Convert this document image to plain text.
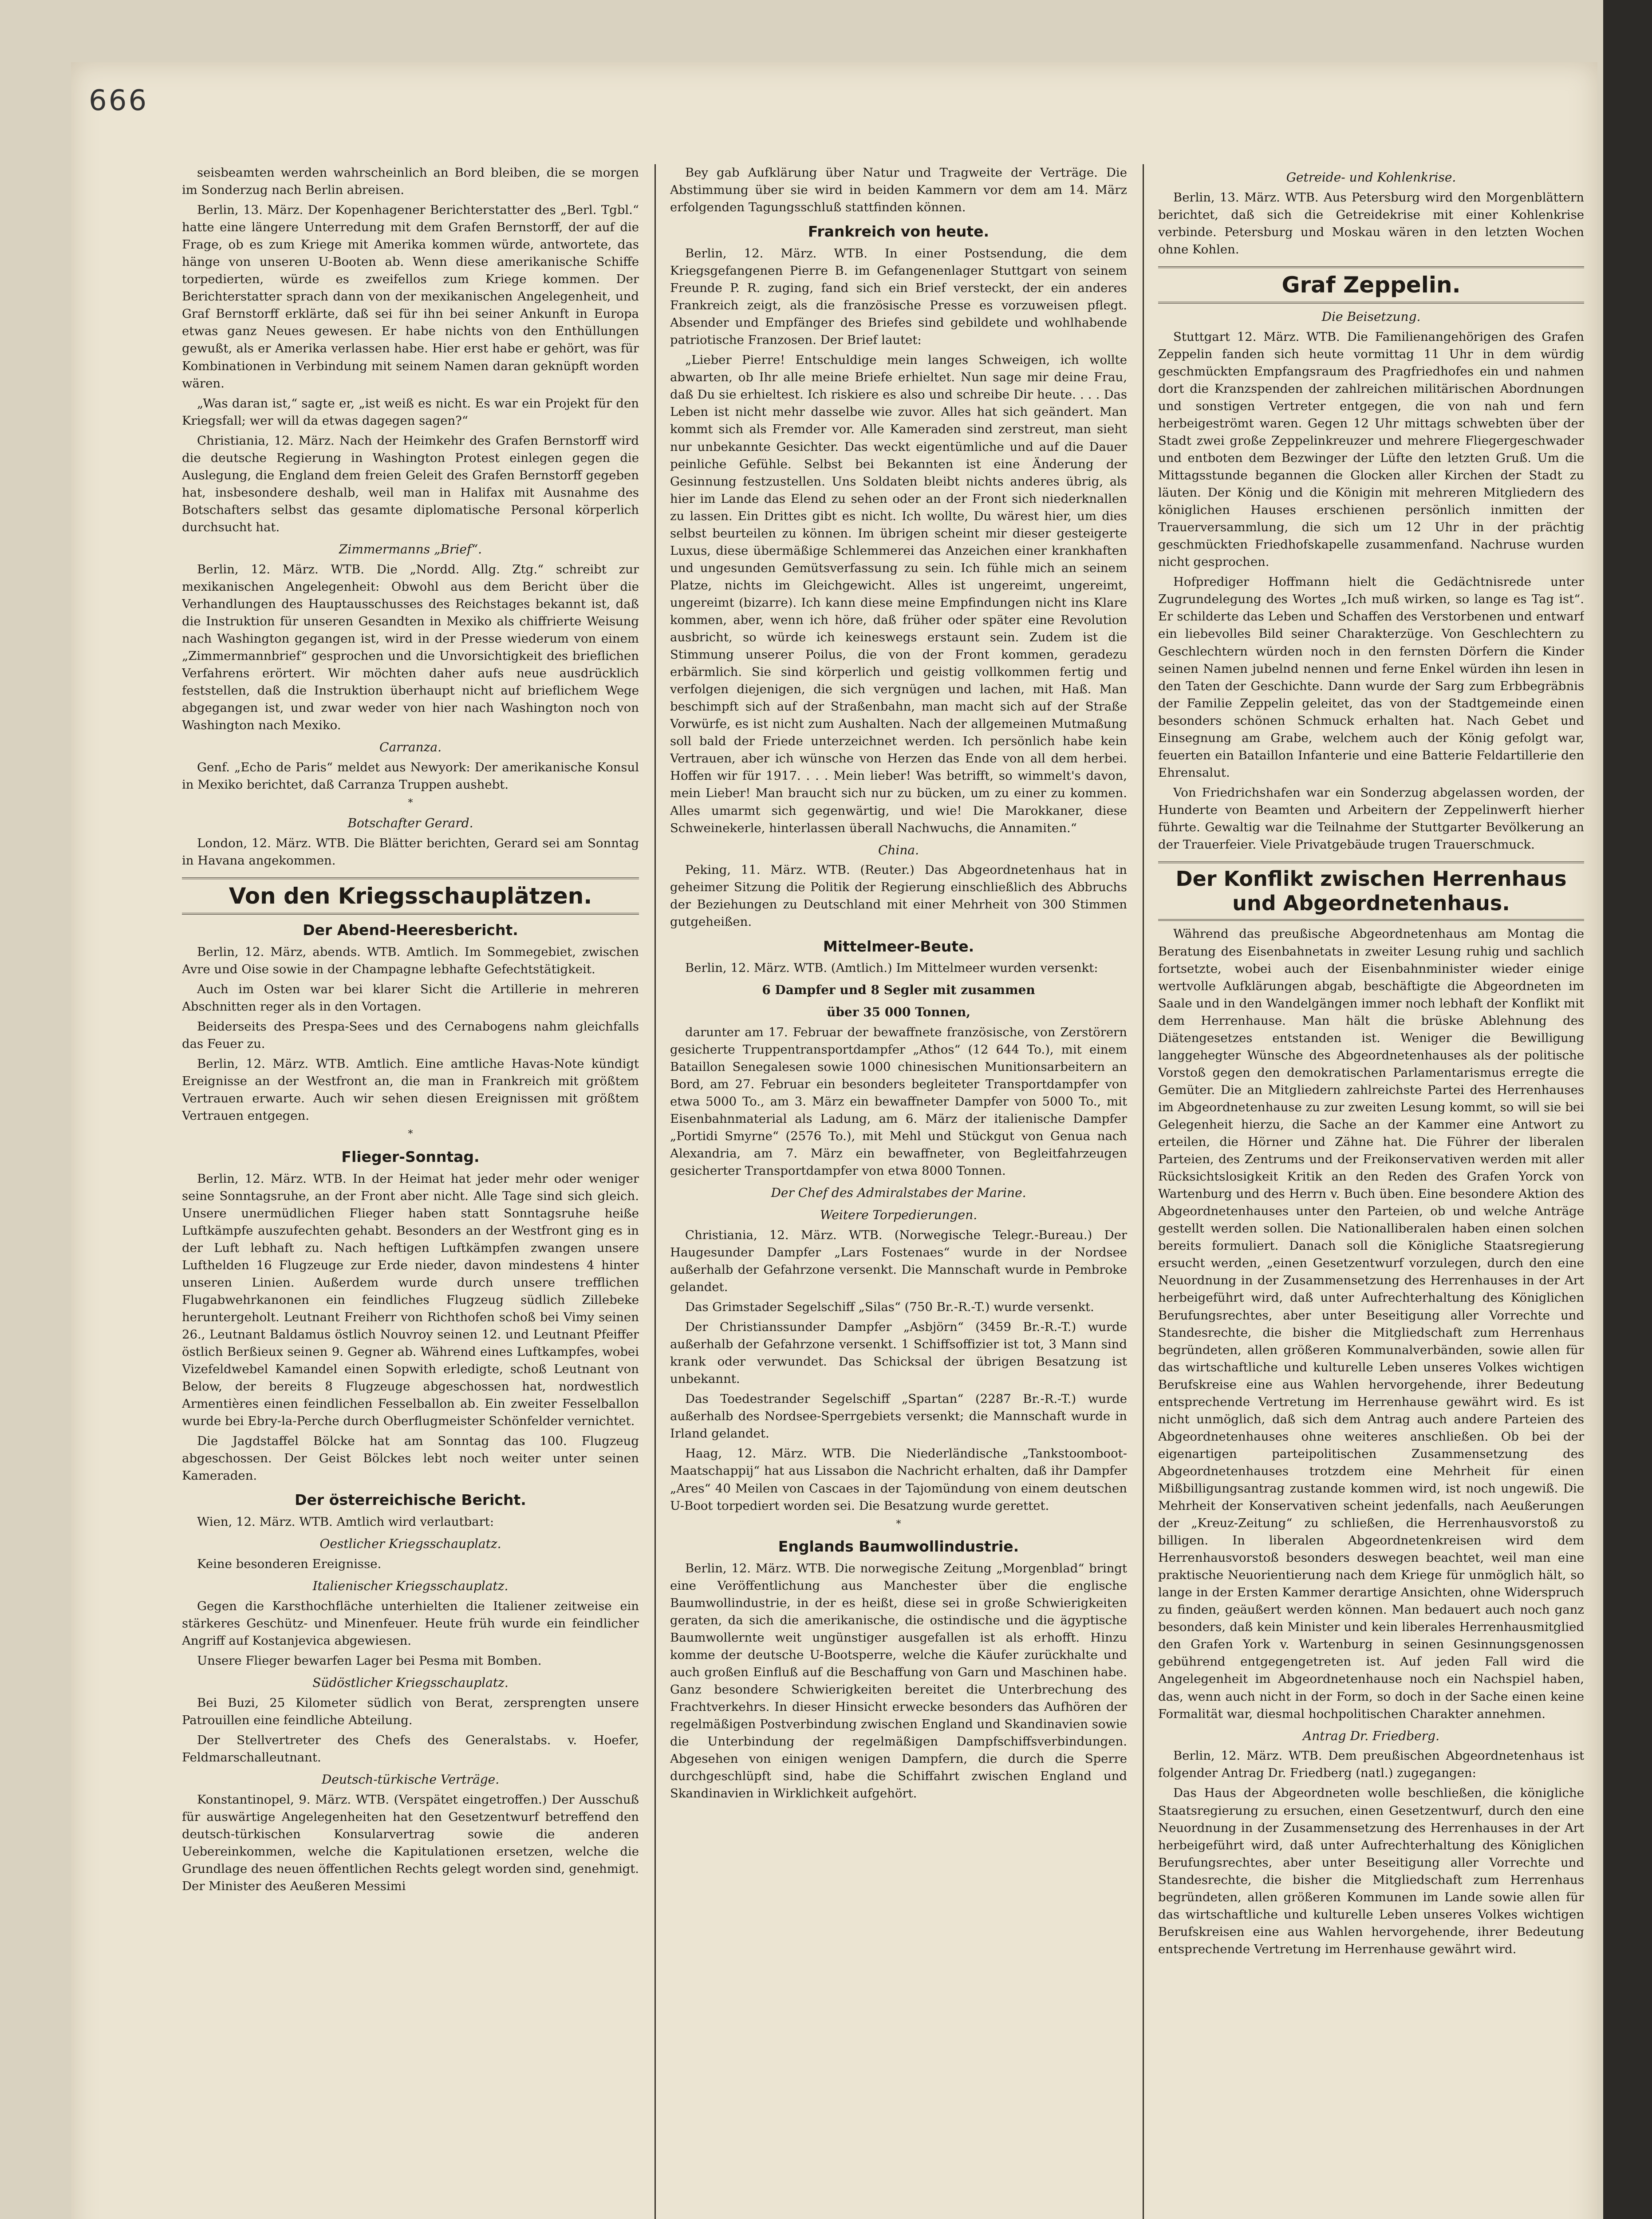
666

seisbeamten werden wahrscheinlich an Bord bleiben, die se morgen im Sonderzug nach Berlin abreisen.

Berlin, 13. März. Der Kopenhagener Berichterstatter des „Berl. Tgbl.“ hatte eine längere Unterredung mit dem Grafen Bernstorff, der auf die Frage, ob es zum Kriege mit Amerika kommen würde, antwortete, das hänge von unseren U-Booten ab. Wenn diese amerikanische Schiffe torpedierten, würde es zweifellos zum Kriege kommen. Der Berichterstatter sprach dann von der mexikanischen Angelegenheit, und Graf Bernstorff erklärte, daß sei für ihn bei seiner Ankunft in Europa etwas ganz Neues gewesen. Er habe nichts von den Enthüllungen gewußt, als er Amerika verlassen habe. Hier erst habe er gehört, was für Kombinationen in Verbindung mit seinem Namen daran geknüpft worden wären.

„Was daran ist,“ sagte er, „ist weiß es nicht. Es war ein Projekt für den Kriegsfall; wer will da etwas dagegen sagen?“

Christiania, 12. März. Nach der Heimkehr des Grafen Bernstorff wird die deutsche Regierung in Washington Protest einlegen gegen die Auslegung, die England dem freien Geleit des Grafen Bernstorff gegeben hat, insbesondere deshalb, weil man in Halifax mit Ausnahme des Botschafters selbst das gesamte diplomatische Personal körperlich durchsucht hat.

Zimmermanns „Brief“.

Berlin, 12. März. WTB. Die „Nordd. Allg. Ztg.“ schreibt zur mexikanischen Angelegenheit: Obwohl aus dem Bericht über die Verhandlungen des Hauptausschusses des Reichstages bekannt ist, daß die Instruktion für unseren Gesandten in Mexiko als chiffrierte Weisung nach Washington gegangen ist, wird in der Presse wiederum von einem „Zimmermannbrief“ gesprochen und die Unvorsichtigkeit des brieflichen Verfahrens erörtert. Wir möchten daher aufs neue ausdrücklich feststellen, daß die Instruktion überhaupt nicht auf brieflichem Wege abgegangen ist, und zwar weder von hier nach Washington noch von Washington nach Mexiko.

Carranza.

Genf. „Echo de Paris“ meldet aus Newyork: Der amerikanische Konsul in Mexiko berichtet, daß Carranza Truppen aushebt.

*
Botschafter Gerard.

London, 12. März. WTB. Die Blätter berichten, Gerard sei am Sonntag in Havana angekommen.

Von den Kriegsschauplätzen.
Der Abend-Heeresbericht.

Berlin, 12. März, abends. WTB. Amtlich. Im Sommegebiet, zwischen Avre und Oise sowie in der Champagne lebhafte Gefechtstätigkeit.

Auch im Osten war bei klarer Sicht die Artillerie in mehreren Abschnitten reger als in den Vortagen.

Beiderseits des Prespa-Sees und des Cernabogens nahm gleichfalls das Feuer zu.

Berlin, 12. März. WTB. Amtlich. Eine amtliche Havas-Note kündigt Ereignisse an der Westfront an, die man in Frankreich mit größtem Vertrauen erwarte. Auch wir sehen diesen Ereignissen mit größtem Vertrauen entgegen.

*
Flieger-Sonntag.

Berlin, 12. März. WTB. In der Heimat hat jeder mehr oder weniger seine Sonntagsruhe, an der Front aber nicht. Alle Tage sind sich gleich. Unsere unermüdlichen Flieger haben statt Sonntagsruhe heiße Luftkämpfe auszufechten gehabt. Besonders an der Westfront ging es in der Luft lebhaft zu. Nach heftigen Luftkämpfen zwangen unsere Lufthelden 16 Flugzeuge zur Erde nieder, davon mindestens 4 hinter unseren Linien. Außerdem wurde durch unsere trefflichen Flugabwehrkanonen ein feindliches Flugzeug südlich Zillebeke heruntergeholt. Leutnant Freiherr von Richthofen schoß bei Vimy seinen 26., Leutnant Baldamus östlich Nouvroy seinen 12. und Leutnant Pfeiffer östlich Berßieux seinen 9. Gegner ab. Während eines Luftkampfes, wobei Vizefeldwebel Kamandel einen Sopwith erledigte, schoß Leutnant von Below, der bereits 8 Flugzeuge abgeschossen hat, nordwestlich Armentières einen feindlichen Fesselballon ab. Ein zweiter Fesselballon wurde bei Ebry-la-Perche durch Oberflugmeister Schönfelder vernichtet.

Die Jagdstaffel Bölcke hat am Sonntag das 100. Flugzeug abgeschossen. Der Geist Bölckes lebt noch weiter unter seinen Kameraden.

Der österreichische Bericht.

Wien, 12. März. WTB. Amtlich wird verlautbart:

Oestlicher Kriegsschauplatz.

Keine besonderen Ereignisse.

Italienischer Kriegsschauplatz.

Gegen die Karsthochfläche unterhielten die Italiener zeitweise ein stärkeres Geschütz- und Minenfeuer. Heute früh wurde ein feindlicher Angriff auf Kostanjevica abgewiesen.

Unsere Flieger bewarfen Lager bei Pesma mit Bomben.

Südöstlicher Kriegsschauplatz.

Bei Buzi, 25 Kilometer südlich von Berat, zersprengten unsere Patrouillen eine feindliche Abteilung.

Der Stellvertreter des Chefs des Generalstabs. v. Hoefer, Feldmarschalleutnant.

Deutsch-türkische Verträge.

Konstantinopel, 9. März. WTB. (Verspätet eingetroffen.) Der Ausschuß für auswärtige Angelegenheiten hat den Gesetzentwurf betreffend den deutsch-türkischen Konsularvertrag sowie die anderen Uebereinkommen, welche die Kapitulationen ersetzen, welche die Grundlage des neuen öffentlichen Rechts gelegt worden sind, genehmigt. Der Minister des Aeußeren Messimi

Bey gab Aufklärung über Natur und Tragweite der Verträge. Die Abstimmung über sie wird in beiden Kammern vor dem am 14. März erfolgenden Tagungsschluß stattfinden können.

Frankreich von heute.

Berlin, 12. März. WTB. In einer Postsendung, die dem Kriegsgefangenen Pierre B. im Gefangenenlager Stuttgart von seinem Freunde P. R. zuging, fand sich ein Brief versteckt, der ein anderes Frankreich zeigt, als die französische Presse es vorzuweisen pflegt. Absender und Empfänger des Briefes sind gebildete und wohlhabende patriotische Franzosen. Der Brief lautet:

„Lieber Pierre! Entschuldige mein langes Schweigen, ich wollte abwarten, ob Ihr alle meine Briefe erhieltet. Nun sage mir deine Frau, daß Du sie erhieltest. Ich riskiere es also und schreibe Dir heute. . . . Das Leben ist nicht mehr dasselbe wie zuvor. Alles hat sich geändert. Man kommt sich als Fremder vor. Alle Kameraden sind zerstreut, man sieht nur unbekannte Gesichter. Das weckt eigentümliche und auf die Dauer peinliche Gefühle. Selbst bei Bekannten ist eine Änderung der Gesinnung festzustellen. Uns Soldaten bleibt nichts anderes übrig, als hier im Lande das Elend zu sehen oder an der Front sich niederknallen zu lassen. Ein Drittes gibt es nicht. Ich wollte, Du wärest hier, um dies selbst beurteilen zu können. Im übrigen scheint mir dieser gesteigerte Luxus, diese übermäßige Schlemmerei das Anzeichen einer krankhaften und ungesunden Gemütsverfassung zu sein. Ich fühle mich an seinem Platze, nichts im Gleichgewicht. Alles ist ungereimt, ungereimt, ungereimt (bizarre). Ich kann diese meine Empfindungen nicht ins Klare kommen, aber, wenn ich höre, daß früher oder später eine Revolution ausbricht, so würde ich keineswegs erstaunt sein. Zudem ist die Stimmung unserer Poilus, die von der Front kommen, geradezu erbärmlich. Sie sind körperlich und geistig vollkommen fertig und verfolgen diejenigen, die sich vergnügen und lachen, mit Haß. Man beschimpft sich auf der Straßenbahn, man macht sich auf der Straße Vorwürfe, es ist nicht zum Aushalten. Nach der allgemeinen Mutmaßung soll bald der Friede unterzeichnet werden. Ich persönlich habe kein Vertrauen, aber ich wünsche von Herzen das Ende von all dem herbei. Hoffen wir für 1917. . . . Mein lieber! Was betrifft, so wimmelt's davon, mein Lieber! Man braucht sich nur zu bücken, um zu einer zu kommen. Alles umarmt sich gegenwärtig, und wie! Die Marokkaner, diese Schweinekerle, hinterlassen überall Nachwuchs, die Annamiten.“

China.

Peking, 11. März. WTB. (Reuter.) Das Abgeordnetenhaus hat in geheimer Sitzung die Politik der Regierung einschließlich des Abbruchs der Beziehungen zu Deutschland mit einer Mehrheit von 300 Stimmen gutgeheißen.

Mittelmeer-Beute.

Berlin, 12. März. WTB. (Amtlich.) Im Mittelmeer wurden versenkt:

6 Dampfer und 8 Segler mit zusammen
über 35 000 Tonnen,

darunter am 17. Februar der bewaffnete französische, von Zerstörern gesicherte Truppentransportdampfer „Athos“ (12 644 To.), mit einem Bataillon Senegalesen sowie 1000 chinesischen Munitionsarbeitern an Bord, am 27. Februar ein besonders begleiteter Transportdampfer von etwa 5000 To., am 3. März ein bewaffneter Dampfer von 5000 To., mit Eisenbahnmaterial als Ladung, am 6. März der italienische Dampfer „Portidi Smyrne“ (2576 To.), mit Mehl und Stückgut von Genua nach Alexandria, am 7. März ein bewaffneter, von Begleitfahrzeugen gesicherter Transportdampfer von etwa 8000 Tonnen.

Der Chef des Admiralstabes der Marine.
Weitere Torpedierungen.

Christiania, 12. März. WTB. (Norwegische Telegr.-Bureau.) Der Haugesunder Dampfer „Lars Fostenaes“ wurde in der Nordsee außerhalb der Gefahrzone versenkt. Die Mannschaft wurde in Pembroke gelandet.

Das Grimstader Segelschiff „Silas“ (750 Br.-R.-T.) wurde versenkt.

Der Christianssunder Dampfer „Asbjörn“ (3459 Br.-R.-T.) wurde außerhalb der Gefahrzone versenkt. 1 Schiffsoffizier ist tot, 3 Mann sind krank oder verwundet. Das Schicksal der übrigen Besatzung ist unbekannt.

Das Toedestrander Segelschiff „Spartan“ (2287 Br.-R.-T.) wurde außerhalb des Nordsee-Sperrgebiets versenkt; die Mannschaft wurde in Irland gelandet.

Haag, 12. März. WTB. Die Niederländische „Tankstoomboot-Maatschappij“ hat aus Lissabon die Nachricht erhalten, daß ihr Dampfer „Ares“ 40 Meilen von Cascaes in der Tajomündung von einem deutschen U-Boot torpediert worden sei. Die Besatzung wurde gerettet.

*
Englands Baumwollindustrie.

Berlin, 12. März. WTB. Die norwegische Zeitung „Morgenblad“ bringt eine Veröffentlichung aus Manchester über die englische Baumwollindustrie, in der es heißt, diese sei in große Schwierigkeiten geraten, da sich die amerikanische, die ostindische und die ägyptische Baumwollernte weit ungünstiger ausgefallen ist als erhofft. Hinzu komme der deutsche U-Bootsperre, welche die Käufer zurückhalte und auch großen Einfluß auf die Beschaffung von Garn und Maschinen habe. Ganz besondere Schwierigkeiten bereitet die Unterbrechung des Frachtverkehrs. In dieser Hinsicht erwecke besonders das Aufhören der regelmäßigen Postverbindung zwischen England und Skandinavien sowie die Unterbindung der regelmäßigen Dampfschiffsverbindungen. Abgesehen von einigen wenigen Dampfern, die durch die Sperre durchgeschlüpft sind, habe die Schiffahrt zwischen England und Skandinavien in Wirklichkeit aufgehört.

Getreide- und Kohlenkrise.

Berlin, 13. März. WTB. Aus Petersburg wird den Morgenblättern berichtet, daß sich die Getreidekrise mit einer Kohlenkrise verbinde. Petersburg und Moskau wären in den letzten Wochen ohne Kohlen.

Graf Zeppelin.
Die Beisetzung.

Stuttgart 12. März. WTB. Die Familienangehörigen des Grafen Zeppelin fanden sich heute vormittag 11 Uhr in dem würdig geschmückten Empfangsraum des Pragfriedhofes ein und nahmen dort die Kranzspenden der zahlreichen militärischen Abordnungen und sonstigen Vertreter entgegen, die von nah und fern herbeigeströmt waren. Gegen 12 Uhr mittags schwebten über der Stadt zwei große Zeppelinkreuzer und mehrere Fliegergeschwader und entboten dem Bezwinger der Lüfte den letzten Gruß. Um die Mittagsstunde begannen die Glocken aller Kirchen der Stadt zu läuten. Der König und die Königin mit mehreren Mitgliedern des königlichen Hauses erschienen persönlich inmitten der Trauerversammlung, die sich um 12 Uhr in der prächtig geschmückten Friedhofskapelle zusammenfand. Nachruse wurden nicht gesprochen.

Hofprediger Hoffmann hielt die Gedächtnisrede unter Zugrundelegung des Wortes „Ich muß wirken, so lange es Tag ist“. Er schilderte das Leben und Schaffen des Verstorbenen und entwarf ein liebevolles Bild seiner Charakterzüge. Von Geschlechtern zu Geschlechtern würden noch in den fernsten Dörfern die Kinder seinen Namen jubelnd nennen und ferne Enkel würden ihn lesen in den Taten der Geschichte. Dann wurde der Sarg zum Erbbegräbnis der Familie Zeppelin geleitet, das von der Stadtgemeinde einen besonders schönen Schmuck erhalten hat. Nach Gebet und Einsegnung am Grabe, welchem auch der König gefolgt war, feuerten ein Bataillon Infanterie und eine Batterie Feldartillerie den Ehrensalut.

Von Friedrichshafen war ein Sonderzug abgelassen worden, der Hunderte von Beamten und Arbeitern der Zeppelinwerft hierher führte. Gewaltig war die Teilnahme der Stuttgarter Bevölkerung an der Trauerfeier. Viele Privatgebäude trugen Trauerschmuck.

Der Konflikt zwischen Herrenhaus
und Abgeordnetenhaus.

Während das preußische Abgeordnetenhaus am Montag die Beratung des Eisenbahnetats in zweiter Lesung ruhig und sachlich fortsetzte, wobei auch der Eisenbahnminister wieder einige wertvolle Aufklärungen abgab, beschäftigte die Abgeordneten im Saale und in den Wandelgängen immer noch lebhaft der Konflikt mit dem Herrenhause. Man hält die brüske Ablehnung des Diätengesetzes entstanden ist. Weniger die Bewilligung langgehegter Wünsche des Abgeordnetenhauses als der politische Vorstoß gegen den demokratischen Parlamentarismus erregte die Gemüter. Die an Mitgliedern zahlreichste Partei des Herrenhauses im Abgeordnetenhause zu zur zweiten Lesung kommt, so will sie bei Gelegenheit hierzu, die Sache an der Kammer eine Antwort zu erteilen, die Hörner und Zähne hat. Die Führer der liberalen Parteien, des Zentrums und der Freikonservativen werden mit aller Rücksichtslosigkeit Kritik an den Reden des Grafen Yorck von Wartenburg und des Herrn v. Buch üben. Eine besondere Aktion des Abgeordnetenhauses unter den Parteien, ob und welche Anträge gestellt werden sollen. Die Nationalliberalen haben einen solchen bereits formuliert. Danach soll die Königliche Staatsregierung ersucht werden, „einen Gesetzentwurf vorzulegen, durch den eine Neuordnung in der Zusammensetzung des Herrenhauses in der Art herbeigeführt wird, daß unter Aufrechterhaltung des Königlichen Berufungsrechtes, aber unter Beseitigung aller Vorrechte und Standesrechte, die bisher die Mitgliedschaft zum Herrenhaus begründeten, allen größeren Kommunalverbänden, sowie allen für das wirtschaftliche und kulturelle Leben unseres Volkes wichtigen Berufskreise eine aus Wahlen hervorgehende, ihrer Bedeutung entsprechende Vertretung im Herrenhause gewährt wird. Es ist nicht unmöglich, daß sich dem Antrag auch andere Parteien des Abgeordnetenhauses ohne weiteres anschließen. Ob bei der eigenartigen parteipolitischen Zusammensetzung des Abgeordnetenhauses trotzdem eine Mehrheit für einen Mißbilligungsantrag zustande kommen wird, ist noch ungewiß. Die Mehrheit der Konservativen scheint jedenfalls, nach Aeußerungen der „Kreuz-Zeitung“ zu schließen, die Herrenhausvorstoß zu billigen. In liberalen Abgeordnetenkreisen wird dem Herrenhausvorstoß besonders deswegen beachtet, weil man eine praktische Neuorientierung nach dem Kriege für unmöglich hält, so lange in der Ersten Kammer derartige Ansichten, ohne Widerspruch zu finden, geäußert werden können. Man bedauert auch noch ganz besonders, daß kein Minister und kein liberales Herrenhausmitglied den Grafen York v. Wartenburg in seinen Gesinnungsgenossen gebührend entgegengetreten ist. Auf jeden Fall wird die Angelegenheit im Abgeordnetenhause noch ein Nachspiel haben, das, wenn auch nicht in der Form, so doch in der Sache einen keine Formalität war, diesmal hochpolitischen Charakter annehmen.

Antrag Dr. Friedberg.

Berlin, 12. März. WTB. Dem preußischen Abgeordnetenhaus ist folgender Antrag Dr. Friedberg (natl.) zugegangen:

Das Haus der Abgeordneten wolle beschließen, die königliche Staatsregierung zu ersuchen, einen Gesetzentwurf, durch den eine Neuordnung in der Zusammensetzung des Herrenhauses in der Art herbeigeführt wird, daß unter Aufrechterhaltung des Königlichen Berufungsrechtes, aber unter Beseitigung aller Vorrechte und Standesrechte, die bisher die Mitgliedschaft zum Herrenhaus begründeten, allen größeren Kommunen im Lande sowie allen für das wirtschaftliche und kulturelle Leben unseres Volkes wichtigen Berufskreisen eine aus Wahlen hervorgehende, ihrer Bedeutung entsprechende Vertretung im Herrenhause gewährt wird.
